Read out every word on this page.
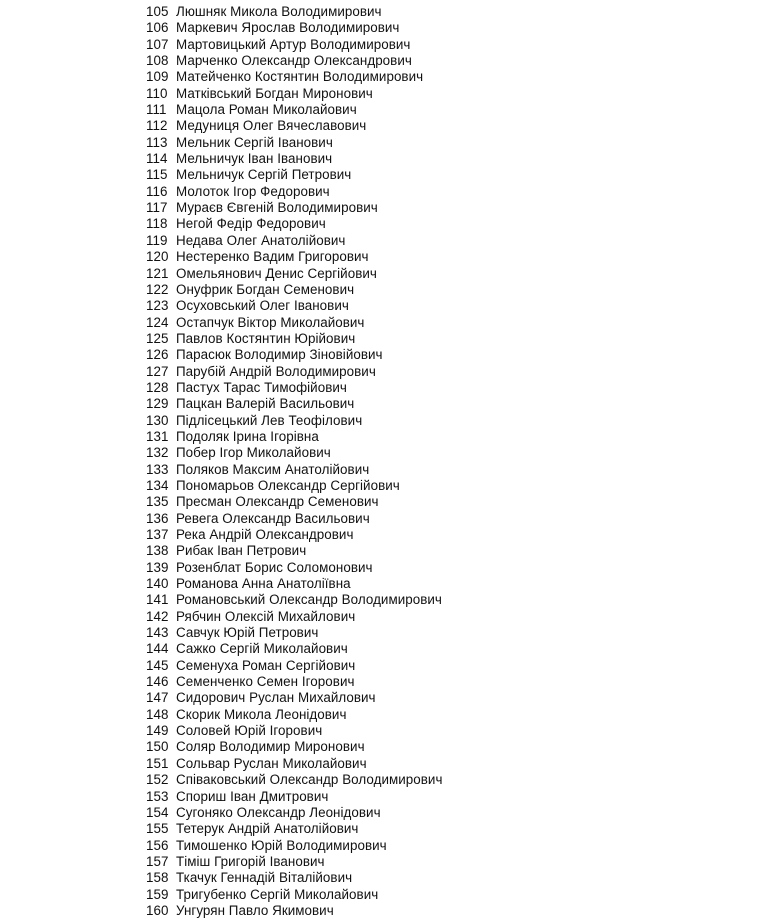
105 Люшняк Микола Володимирович
106 Маркевич Ярослав Володимирович
107 Мартовицький Артур Володимирович
108 Марченко Олександр Олександрович
109 Матейченко Костянтин Володимирович
110 Матківський Богдан Миронович
111 Мацола Роман Миколайович
112 Медуниця Олег Вячеславович
113 Мельник Сергій Іванович
114 Мельничук Іван Іванович
115 Мельничук Сергій Петрович
116 Молоток Ігор Федорович
117 Мураєв Євгеній Володимирович
118 Негой Федір Федорович
119 Недава Олег Анатолійович
120 Нестеренко Вадим Григорович
121 Омельянович Денис Сергійович
122 Онуфрик Богдан Семенович
123 Осуховський Олег Іванович
124 Остапчук Віктор Миколайович
125 Павлов Костянтин Юрійович
126 Парасюк Володимир Зіновійович
127 Парубій Андрій Володимирович
128 Пастух Тарас Тимофійович
129 Пацкан Валерій Васильович
130 Підлісецький Лев Теофілович
131 Подоляк Ірина Ігорівна
132 Побер Ігор Миколайович
133 Поляков Максим Анатолійович
134 Пономарьов Олександр Сергійович
135 Пресман Олександр Семенович
136 Ревега Олександр Васильович
137 Река Андрій Олександрович
138 Рибак Іван Петрович
139 Розенблат Борис Соломонович
140 Романова Анна Анатоліївна
141 Романовський Олександр Володимирович
142 Рябчин Олексій Михайлович
143 Савчук Юрій Петрович
144 Сажко Сергій Миколайович
145 Семенуха Роман Сергійович
146 Семенченко Семен Ігорович
147 Сидорович Руслан Михайлович
148 Скорик Микола Леонідович
149 Соловей Юрій Ігорович
150 Соляр Володимир Миронович
151 Сольвар Руслан Миколайович
152 Співаковський Олександр Володимирович
153 Спориш Іван Дмитрович
154 Сугоняко Олександр Леонідович
155 Тетерук Андрій Анатолійович
156 Тимошенко Юрій Володимирович
157 Тіміш Григорій Іванович
158 Ткачук Геннадій Віталійович
159 Тригубенко Сергій Миколайович
160 Унгурян Павло Якимович
